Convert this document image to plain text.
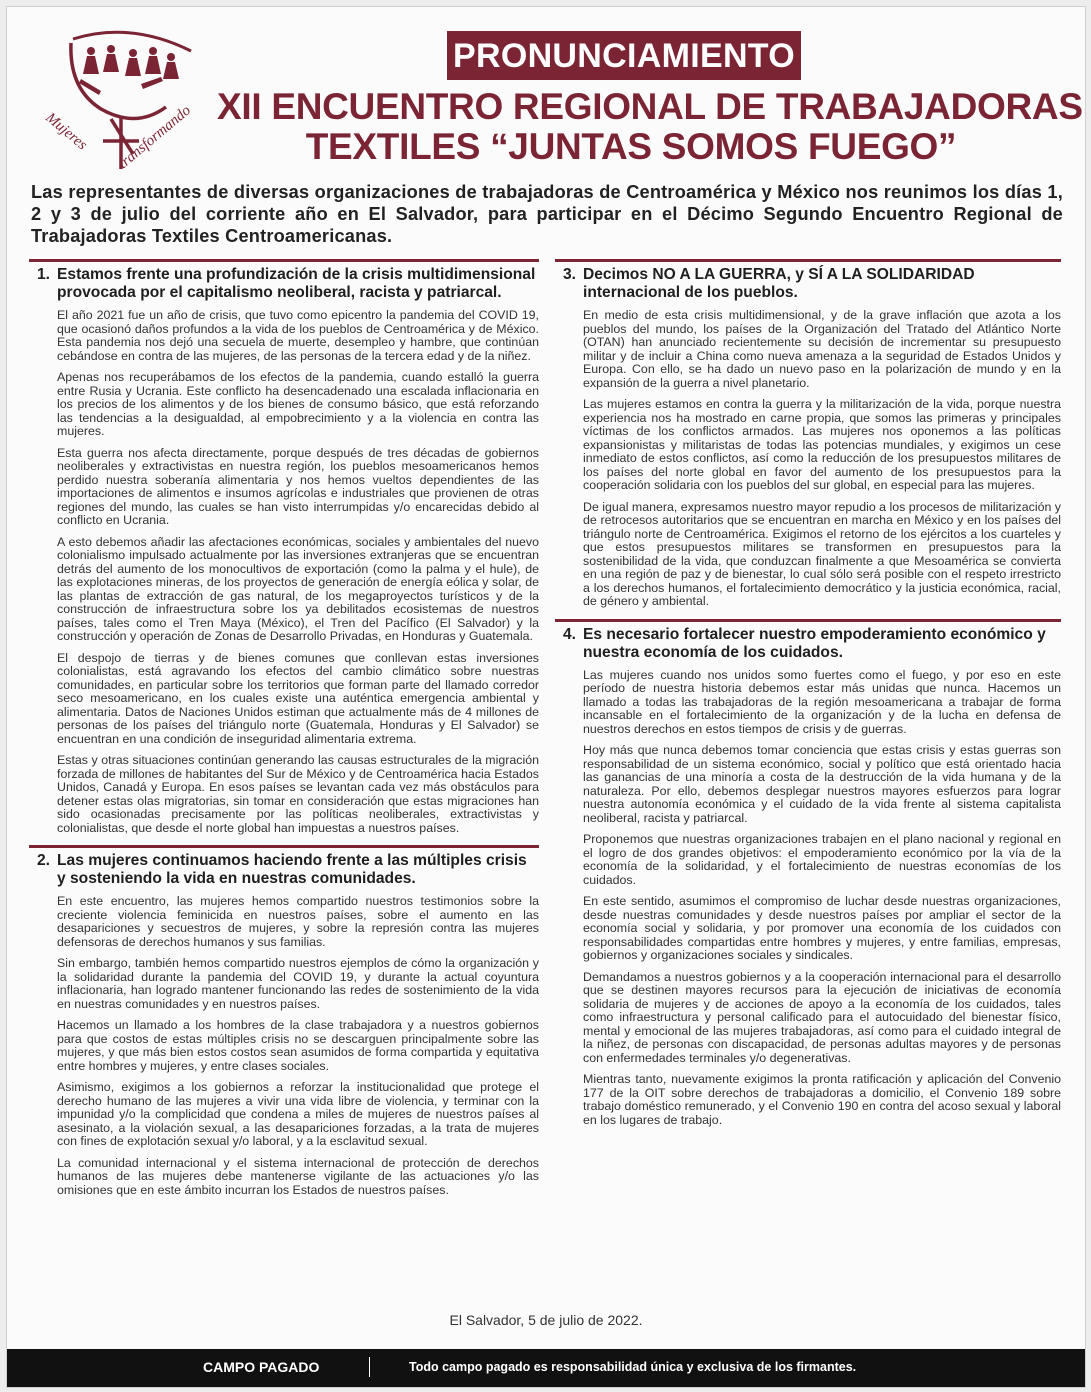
Mujeres transformando
PRONUNCIAMIENTO
XII ENCUENTRO REGIONAL DE TRABAJADORAS
TEXTILES “JUNTAS SOMOS FUEGO”
Las representantes de diversas organizaciones de trabajadoras de Centroamérica y México nos reunimos los días 1, 2 y 3 de julio del corriente año en El Salvador, para participar en el Décimo Segundo Encuentro Regional de Trabajadoras Textiles Centroamericanas.
1. Estamos frente una profundización de la crisis multidimensional provocada por el capitalismo neoliberal, racista y patriarcal.

El año 2021 fue un año de crisis, que tuvo como epicentro la pandemia del COVID 19, que ocasionó daños profundos a la vida de los pueblos de Centroamérica y de México. Esta pandemia nos dejó una secuela de muerte, desempleo y hambre, que continúan cebándose en contra de las mujeres, de las personas de la tercera edad y de la niñez.

Apenas nos recuperábamos de los efectos de la pandemia, cuando estalló la guerra entre Rusia y Ucrania. Este conflicto ha desencadenado una escalada inflacionaria en los precios de los alimentos y de los bienes de consumo básico, que está reforzando las tendencias a la desigualdad, al empobrecimiento y a la violencia en contra las mujeres.

Esta guerra nos afecta directamente, porque después de tres décadas de gobiernos neoliberales y extractivistas en nuestra región, los pueblos mesoamericanos hemos perdido nuestra soberanía alimentaria y nos hemos vueltos dependientes de las importaciones de alimentos e insumos agrícolas e industriales que provienen de otras regiones del mundo, las cuales se han visto interrumpidas y/o encarecidas debido al conflicto en Ucrania.

A esto debemos añadir las afectaciones económicas, sociales y ambientales del nuevo colonialismo impulsado actualmente por las inversiones extranjeras que se encuentran detrás del aumento de los monocultivos de exportación (como la palma y el hule), de las explotaciones mineras, de los proyectos de generación de energía eólica y solar, de las plantas de extracción de gas natural, de los megaproyectos turísticos y de la construcción de infraestructura sobre los ya debilitados ecosistemas de nuestros países, tales como el Tren Maya (México), el Tren del Pacífico (El Salvador) y la construcción y operación de Zonas de Desarrollo Privadas, en Honduras y Guatemala.

El despojo de tierras y de bienes comunes que conllevan estas inversiones colonialistas, está agravando los efectos del cambio climático sobre nuestras comunidades, en particular sobre los territorios que forman parte del llamado corredor seco mesoamericano, en los cuales existe una auténtica emergencia ambiental y alimentaria. Datos de Naciones Unidos estiman que actualmente más de 4 millones de personas de los países del triángulo norte (Guatemala, Honduras y El Salvador) se encuentran en una condición de inseguridad alimentaria extrema.

Estas y otras situaciones continúan generando las causas estructurales de la migración forzada de millones de habitantes del Sur de México y de Centroamérica hacia Estados Unidos, Canadá y Europa. En esos países se levantan cada vez más obstáculos para detener estas olas migratorias, sin tomar en consideración que estas migraciones han sido ocasionadas precisamente por las políticas neoliberales, extractivistas y colonialistas, que desde el norte global han impuestas a nuestros países.

2. Las mujeres continuamos haciendo frente a las múltiples crisis y sosteniendo la vida en nuestras comunidades.

En este encuentro, las mujeres hemos compartido nuestros testimonios sobre la creciente violencia feminicida en nuestros países, sobre el aumento en las desapariciones y secuestros de mujeres, y sobre la represión contra las mujeres defensoras de derechos humanos y sus familias.

Sin embargo, también hemos compartido nuestros ejemplos de cómo la organización y la solidaridad durante la pandemia del COVID 19, y durante la actual coyuntura inflacionaria, han logrado mantener funcionando las redes de sostenimiento de la vida en nuestras comunidades y en nuestros países.

Hacemos un llamado a los hombres de la clase trabajadora y a nuestros gobiernos para que costos de estas múltiples crisis no se descarguen principalmente sobre las mujeres, y que más bien estos costos sean asumidos de forma compartida y equitativa entre hombres y mujeres, y entre clases sociales.

Asimismo, exigimos a los gobiernos a reforzar la institucionalidad que protege el derecho humano de las mujeres a vivir una vida libre de violencia, y terminar con la impunidad y/o la complicidad que condena a miles de mujeres de nuestros países al asesinato, a la violación sexual, a las desapariciones forzadas, a la trata de mujeres con fines de explotación sexual y/o laboral, y a la esclavitud sexual.

La comunidad internacional y el sistema internacional de protección de derechos humanos de las mujeres debe mantenerse vigilante de las actuaciones y/o las omisiones que en este ámbito incurran los Estados de nuestros países.

3. Decimos NO A LA GUERRA, y SÍ A LA SOLIDARIDAD internacional de los pueblos.

En medio de esta crisis multidimensional, y de la grave inflación que azota a los pueblos del mundo, los países de la Organización del Tratado del Atlántico Norte (OTAN) han anunciado recientemente su decisión de incrementar su presupuesto militar y de incluir a China como nueva amenaza a la seguridad de Estados Unidos y Europa. Con ello, se ha dado un nuevo paso en la polarización de mundo y en la expansión de la guerra a nivel planetario.

Las mujeres estamos en contra la guerra y la militarización de la vida, porque nuestra experiencia nos ha mostrado en carne propia, que somos las primeras y principales víctimas de los conflictos armados. Las mujeres nos oponemos a las políticas expansionistas y militaristas de todas las potencias mundiales, y exigimos un cese inmediato de estos conflictos, así como la reducción de los presupuestos militares de los países del norte global en favor del aumento de los presupuestos para la cooperación solidaria con los pueblos del sur global, en especial para las mujeres.

De igual manera, expresamos nuestro mayor repudio a los procesos de militarización y de retrocesos autoritarios que se encuentran en marcha en México y en los países del triángulo norte de Centroamérica. Exigimos el retorno de los ejércitos a los cuarteles y que estos presupuestos militares se transformen en presupuestos para la sostenibilidad de la vida, que conduzcan finalmente a que Mesoamérica se convierta en una región de paz y de bienestar, lo cual sólo será posible con el respeto irrestricto a los derechos humanos, el fortalecimiento democrático y la justicia económica, racial, de género y ambiental.

4. Es necesario fortalecer nuestro empoderamiento económico y nuestra economía de los cuidados.

Las mujeres cuando nos unidos somo fuertes como el fuego, y por eso en este período de nuestra historia debemos estar más unidas que nunca. Hacemos un llamado a todas las trabajadoras de la región mesoamericana a trabajar de forma incansable en el fortalecimiento de la organización y de la lucha en defensa de nuestros derechos en estos tiempos de crisis y de guerras.

Hoy más que nunca debemos tomar conciencia que estas crisis y estas guerras son responsabilidad de un sistema económico, social y político que está orientado hacia las ganancias de una minoría a costa de la destrucción de la vida humana y de la naturaleza. Por ello, debemos desplegar nuestros mayores esfuerzos para lograr nuestra autonomía económica y el cuidado de la vida frente al sistema capitalista neoliberal, racista y patriarcal.

Proponemos que nuestras organizaciones trabajen en el plano nacional y regional en el logro de dos grandes objetivos: el empoderamiento económico por la vía de la economía de la solidaridad, y el fortalecimiento de nuestras economías de los cuidados.

En este sentido, asumimos el compromiso de luchar desde nuestras organizaciones, desde nuestras comunidades y desde nuestros países por ampliar el sector de la economía social y solidaria, y por promover una economía de los cuidados con responsabilidades compartidas entre hombres y mujeres, y entre familias, empresas, gobiernos y organizaciones sociales y sindicales.

Demandamos a nuestros gobiernos y a la cooperación internacional para el desarrollo que se destinen mayores recursos para la ejecución de iniciativas de economía solidaria de mujeres y de acciones de apoyo a la economía de los cuidados, tales como infraestructura y personal calificado para el autocuidado del bienestar físico, mental y emocional de las mujeres trabajadoras, así como para el cuidado integral de la niñez, de personas con discapacidad, de personas adultas mayores y de personas con enfermedades terminales y/o degenerativas.

Mientras tanto, nuevamente exigimos la pronta ratificación y aplicación del Convenio 177 de la OIT sobre derechos de trabajadoras a domicilio, el Convenio 189 sobre trabajo doméstico remunerado, y el Convenio 190 en contra del acoso sexual y laboral en los lugares de trabajo.

El Salvador, 5 de julio de 2022.
CAMPO PAGADO	Todo campo pagado es responsabilidad única y exclusiva de los firmantes.
